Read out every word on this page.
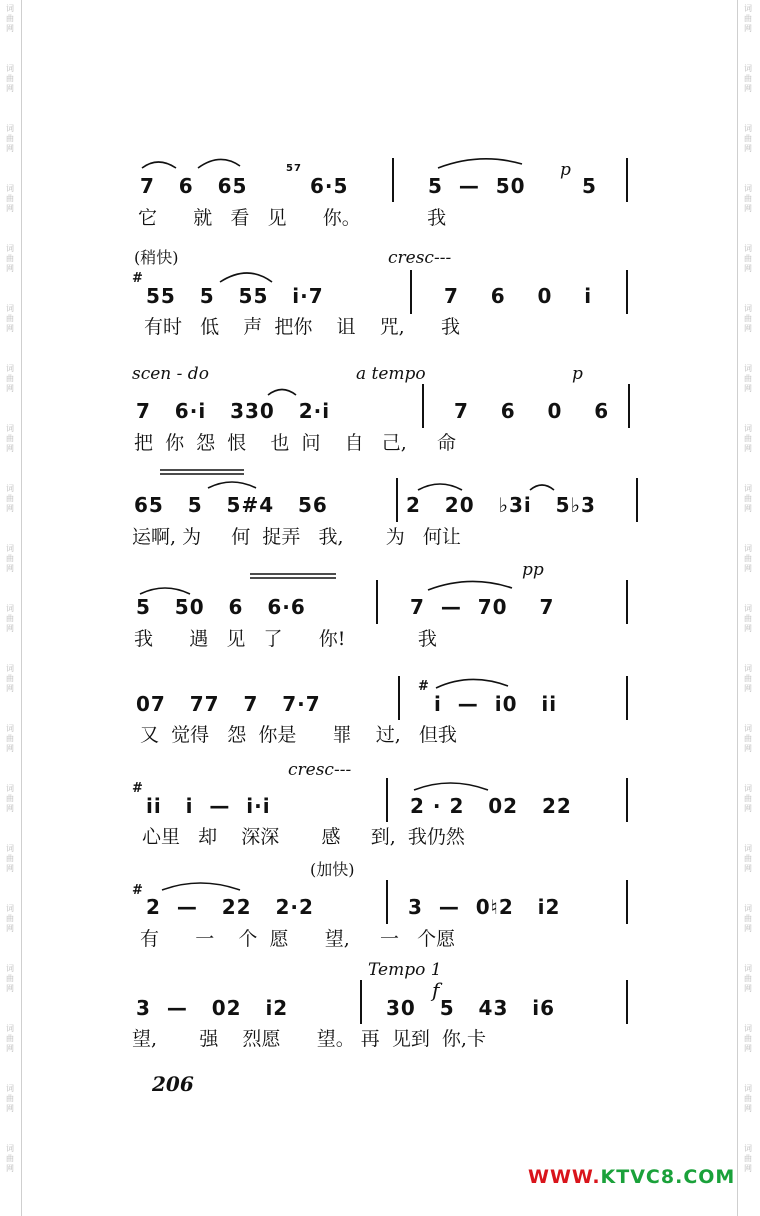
词
曲
网
词
曲
网
词
曲
网
词
曲
网
词
曲
网
词
曲
网
词
曲
网
词
曲
网
词
曲
网
词
曲
网
词
曲
网
词
曲
网
词
曲
网
词
曲
网
词
曲
网
词
曲
网
词
曲
网
词
曲
网
词
曲
网
词
曲
网
词
曲
网
词
曲
网
词
曲
网
词
曲
网
词
曲
网
词
曲
网
词
曲
网
词
曲
网
词
曲
网
词
曲
网
词
曲
网
词
曲
网
词
曲
网
词
曲
网
词
曲
网
词
曲
网
词
曲
网
词
曲
网
词
曲
网
词
曲
网
7   6   65
57
6·5	5  —  50
p
5
它      就   看   见      你。           我
(稍快)	cresc---
#
55   5   55   i·7	7    6    0    i
有时   低    声  把你    诅    咒,      我
scen - do	a tempo	p
7   6·i   330   2·i	7    6    0    6
把  你  怨  恨    也  问    自   己,     命
65   5   5#4   56	2   20   ♭3i   5♭3
运啊, 为     何  捉弄   我,       为   何让
pp
5   50   6   6·6	7  —  70    7
我      遇   见   了      你!            我
07   77   7   7·7
#
i  —  i0   ii
又  觉得   怨  你是      罪    过,   但我
cresc---
#
ii   i  —  i·i	2 · 2   02   22
心里   却    深深       感     到,  我仍然
(加快)
#
2  —   22   2·2	3  —  0♮2   i2
有      一    个  愿      望,     一   个愿
Tempo 1
f
3  —   02   i2	30   5   43   i6
望,       强    烈愿      望。 再  见到  你,卡
206
WWW.KTVC8.COM
